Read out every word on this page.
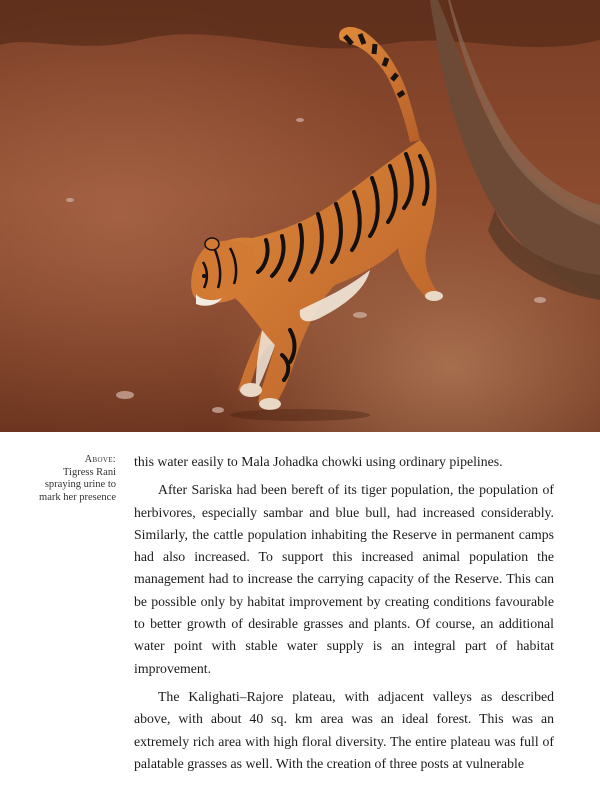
Above:
Tigress Rani
spraying urine to
mark her presence

this water easily to Mala Johadka chowki using ordinary pipelines.

After Sariska had been bereft of its tiger population, the population of herbivores, especially sambar and blue bull, had increased considerably. Similarly, the cattle population inhabiting the Reserve in permanent camps had also increased. To support this increased animal population the management had to increase the carrying capacity of the Reserve. This can be possible only by habitat improvement by creating conditions favourable to better growth of desirable grasses and plants. Of course, an additional water point with stable water supply is an integral part of habitat improvement.

The Kalighati–Rajore plateau, with adjacent valleys as described above, with about 40 sq. km area was an ideal forest. This was an extremely rich area with high floral diversity. The entire plateau was full of palatable grasses as well. With the creation of three posts at vulnerable
